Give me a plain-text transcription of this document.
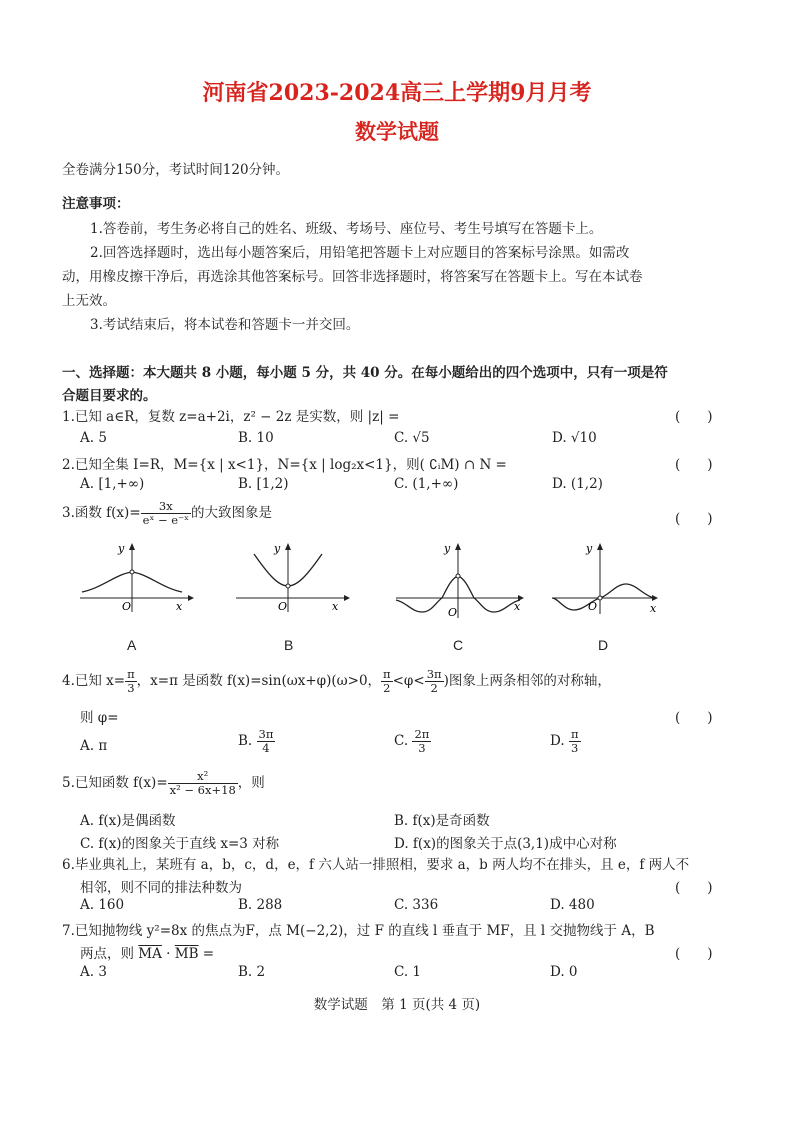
河南省2023-2024高三上学期9月月考
数学试题
全卷满分150分，考试时间120分钟。
注意事项：
1.答卷前，考生务必将自己的姓名、班级、考场号、座位号、考生号填写在答题卡上。
2.回答选择题时，选出每小题答案后，用铅笔把答题卡上对应题目的答案标号涂黑。如需改
动，用橡皮擦干净后，再选涂其他答案标号。回答非选择题时，将答案写在答题卡上。写在本试卷
上无效。
3.考试结束后，将本试卷和答题卡一并交回。
一、选择题：本大题共 8 小题，每小题 5 分，共 40 分。在每小题给出的四个选项中，只有一项是符
合题目要求的。
1.已知 a∈R，复数 z=a+2i，z² − 2z 是实数，则 |z| =	(　　)
A. 5	B. 10	C. √5	D. √10
2.已知全集 I=R，M={x | x<1}，N={x | log₂x<1}，则( ∁ᵢM) ∩ N =	(　　)
A. [1,+∞)	B. [1,2)	C. (1,+∞)	D. (1,2)
3.函数 $f(x)= \frac{3x}{\text{eˣ − e⁻ˣ}}$ 的大致图象是	(　　)
y
O	x
A
y
O	x
B
y
O	x
C
y
O	x
D
4.已知 $x= \frac{\pi}{3}$ ，x=π 是函数 f(x)=sin(ωx+φ)(ω>0， $\frac{\pi}{2} <\varphi< \frac{3\pi}{2}$ )图象上两条相邻的对称轴，
则 φ=	(　　)
A. π	B. $\frac{3\pi}{4}$	C. $\frac{2\pi}{3}$	D. $\frac{\pi}{3}$
5.已知函数 $f(x)= \frac{\text{x²}}{\text{x² − 6x+18}}$ ，则
A. f(x)是偶函数	B. f(x)是奇函数
C. f(x)的图象关于直线 x=3 对称	D. f(x)的图象关于点(3,1)成中心对称
6.毕业典礼上，某班有 a，b，c，d，e，f 六人站一排照相，要求 a，b 两人均不在排头，且 e，f 两人不
相邻，则不同的排法种数为	(　　)
A. 160	B. 288	C. 336	D. 480
7.已知抛物线 y²=8x 的焦点为F，点 M(−2,2)，过 F 的直线 l 垂直于 MF，且 l 交抛物线于 A，B
两点，则 $\overline{MA} \cdot \overline{MB}$ =	(　　)
A. 3	B. 2	C. 1	D. 0
数学试题　第 1 页(共 4 页)
